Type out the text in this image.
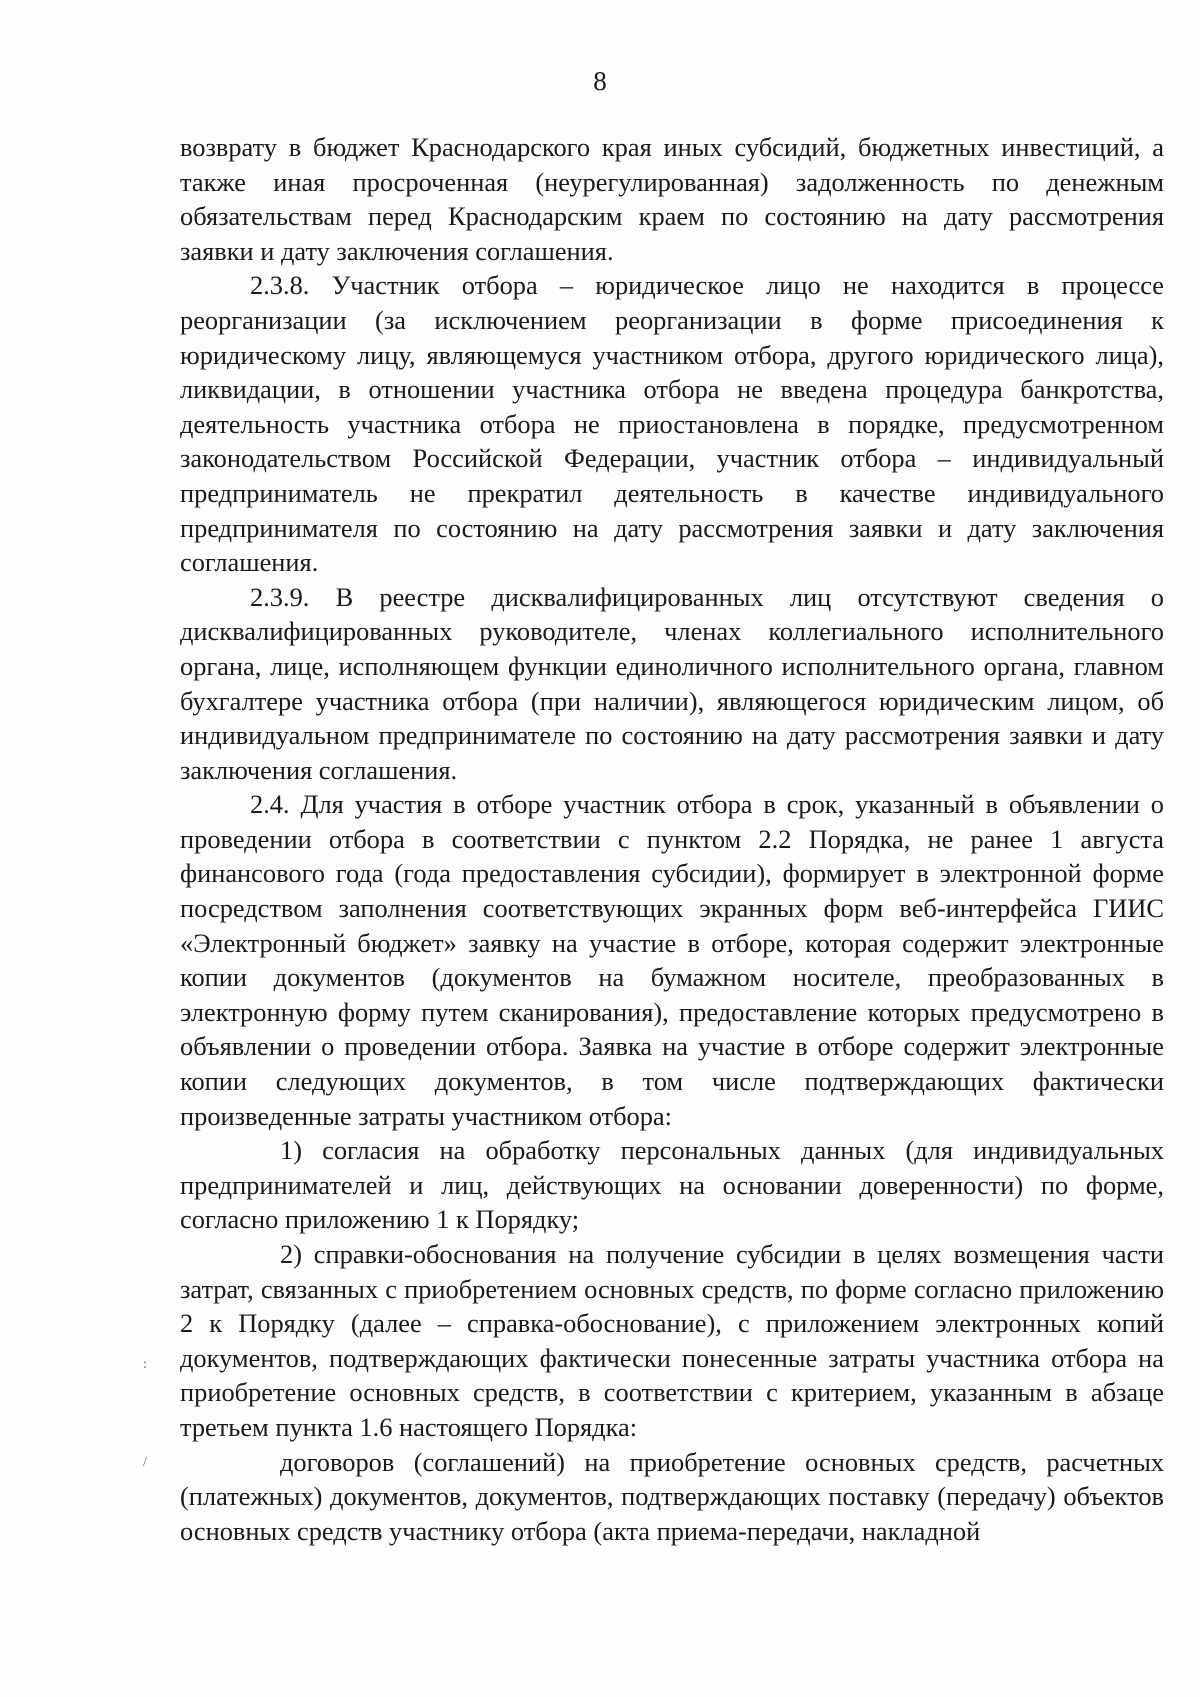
8

возврату в бюджет Краснодарского края иных субсидий, бюджетных инвестиций, а также иная просроченная (неурегулированная) задолженность по денежным обязательствам перед Краснодарским краем по состоянию на дату рассмотрения заявки и дату заключения соглашения.

2.3.8. Участник отбора – юридическое лицо не находится в процессе реорганизации (за исключением реорганизации в форме присоединения к юридическому лицу, являющемуся участником отбора, другого юридического лица), ликвидации, в отношении участника отбора не введена процедура банкротства, деятельность участника отбора не приостановлена в порядке, предусмотренном законодательством Российской Федерации, участник отбора – индивидуальный предприниматель не прекратил деятельность в качестве индивидуального предпринимателя по состоянию на дату рассмотрения заявки и дату заключения соглашения.

2.3.9. В реестре дисквалифицированных лиц отсутствуют сведения о дисквалифицированных руководителе, членах коллегиального исполнительного органа, лице, исполняющем функции единоличного исполнительного органа, главном бухгалтере участника отбора (при наличии), являющегося юридическим лицом, об индивидуальном предпринимателе по состоянию на дату рассмотрения заявки и дату заключения соглашения.

2.4. Для участия в отборе участник отбора в срок, указанный в объявлении о проведении отбора в соответствии с пунктом 2.2 Порядка, не ранее 1 августа финансового года (года предоставления субсидии), формирует в электронной форме посредством заполнения соответствующих экранных форм веб-интерфейса ГИИС «Электронный бюджет» заявку на участие в отборе, которая содержит электронные копии документов (документов на бумажном носителе, преобразованных в электронную форму путем сканирования), предоставление которых предусмотрено в объявлении о проведении отбора. Заявка на участие в отборе содержит электронные копии следующих документов, в том числе подтверждающих фактически произведенные затраты участником отбора:

1) согласия на обработку персональных данных (для индивидуальных предпринимателей и лиц, действующих на основании доверенности) по форме, согласно приложению 1 к Порядку;

2) справки-обоснования на получение субсидии в целях возмещения части затрат, связанных с приобретением основных средств, по форме согласно приложению 2 к Порядку (далее – справка-обоснование), с приложением электронных копий документов, подтверждающих фактически понесенные затраты участника отбора на приобретение основных средств, в соответствии с критерием, указанным в абзаце третьем пункта 1.6 настоящего Порядка:

договоров (соглашений) на приобретение основных средств, расчетных (платежных) документов, документов, подтверждающих поставку (передачу) объектов основных средств участнику отбора (акта приема-передачи, накладной

:
/
